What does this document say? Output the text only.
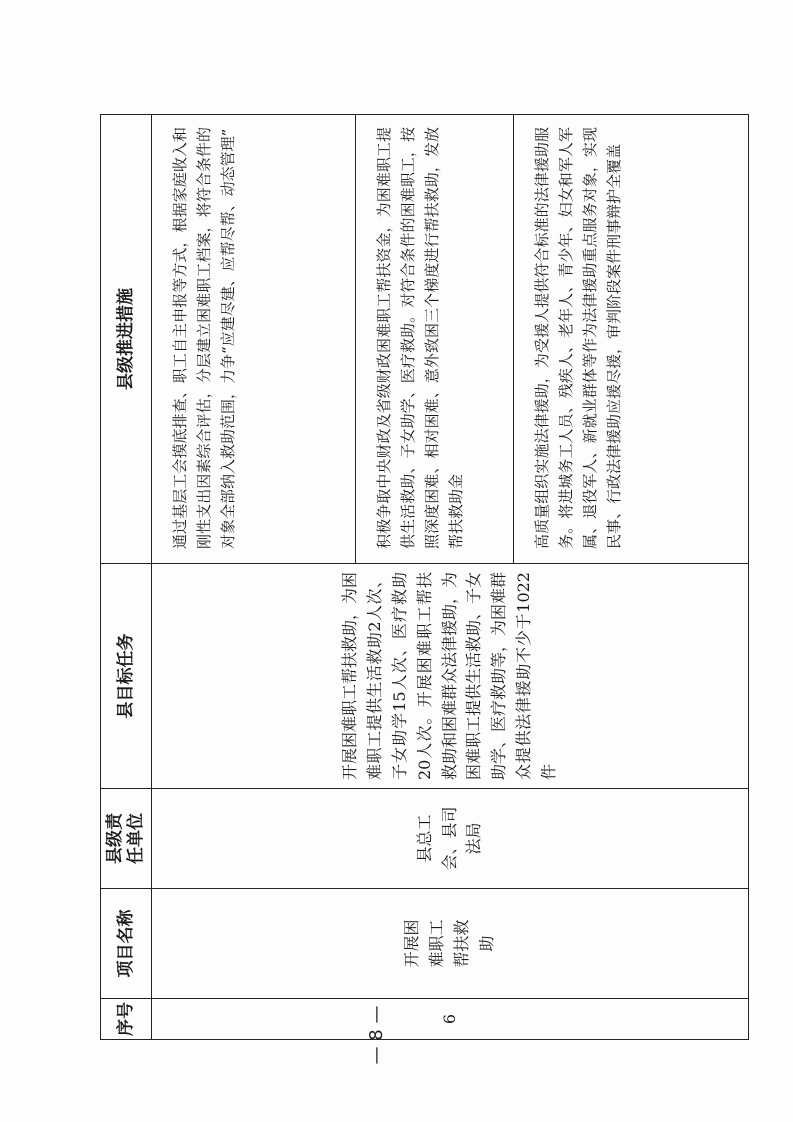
序号	项目名称	县级责任单位	县目标任务	县级推进措施
6	开展困难职工帮扶救助	县总工会、县司法局	开展困难职工帮扶救助，为困难职工提供生活救助2人次、子女助学15人次、医疗救助20人次。开展困难职工帮扶救助和困难群众法律援助，为困难职工提供生活救助、子女助学、医疗救助等，为困难群众提供法律援助不少于1022件	通过基层工会摸底排查、职工自主申报等方式，根据家庭收入和刚性支出因素综合评估，分层建立困难职工档案，将符合条件的对象全部纳入救助范围，力争“应建尽建、应帮尽帮、动态管理”

				积极争取中央财政及省级财政困难职工帮扶资金，为困难职工提供生活救助、子女助学、医疗救助。对符合条件的困难职工，按照深度困难、相对困难、意外致困三个梯度进行帮扶救助，发放帮扶救助金

				高质量组织实施法律援助，为受援人提供符合标准的法律援助服务。将进城务工人员、残疾人、老年人、青少年、妇女和军人军属、退役军人、新就业群体等作为法律援助重点服务对象，实现民事、行政法律援助应援尽援，审判阶段案件刑事辩护全覆盖
— 8 —
